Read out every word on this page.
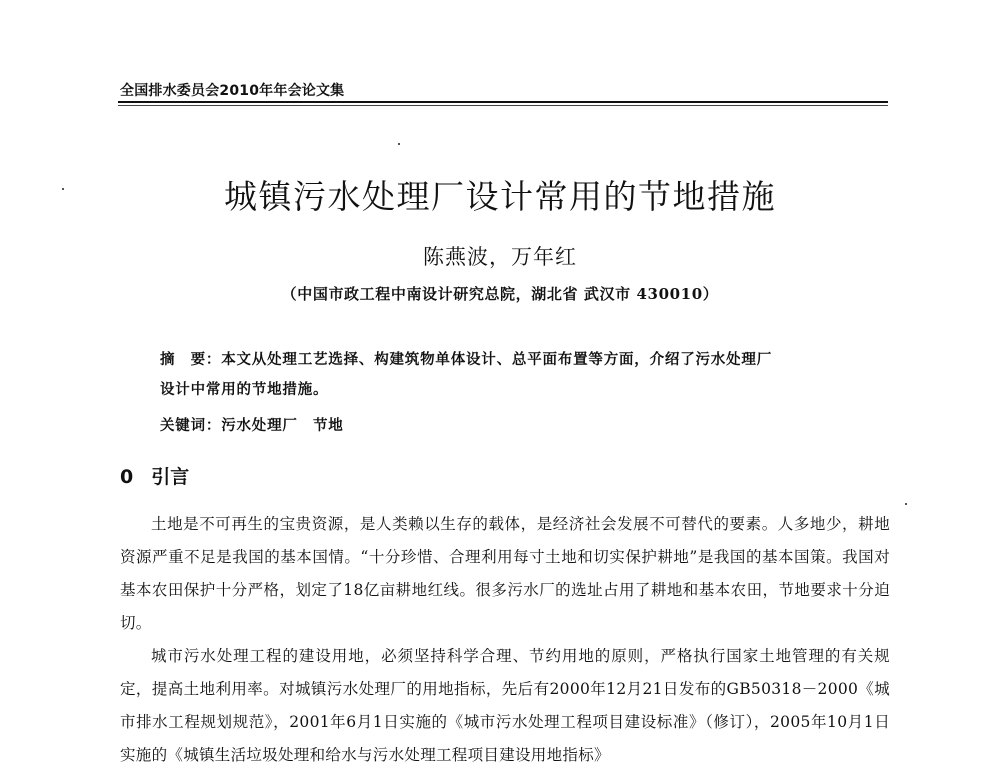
全国排水委员会2010年年会论文集
城镇污水处理厂设计常用的节地措施
陈燕波，万年红
（中国市政工程中南设计研究总院，湖北省 武汉市 430010）
摘　要：本文从处理工艺选择、构建筑物单体设计、总平面布置等方面，介绍了污水处理厂
设计中常用的节地措施。
关键词：污水处理厂　节地
0 引言

土地是不可再生的宝贵资源，是人类赖以生存的载体，是经济社会发展不可替代的要素。人多地少，耕地资源严重不足是我国的基本国情。“十分珍惜、合理利用每寸土地和切实保护耕地”是我国的基本国策。我国对基本农田保护十分严格，划定了18亿亩耕地红线。很多污水厂的选址占用了耕地和基本农田，节地要求十分迫切。

城市污水处理工程的建设用地，必须坚持科学合理、节约用地的原则，严格执行国家土地管理的有关规定，提高土地利用率。对城镇污水处理厂的用地指标，先后有2000年12月21日发布的GB50318－2000《城市排水工程规划规范》，2001年6月1日实施的《城市污水处理工程项目建设标准》（修订），2005年10月1日实施的《城镇生活垃圾处理和给水与污水处理工程项目建设用地指标》
